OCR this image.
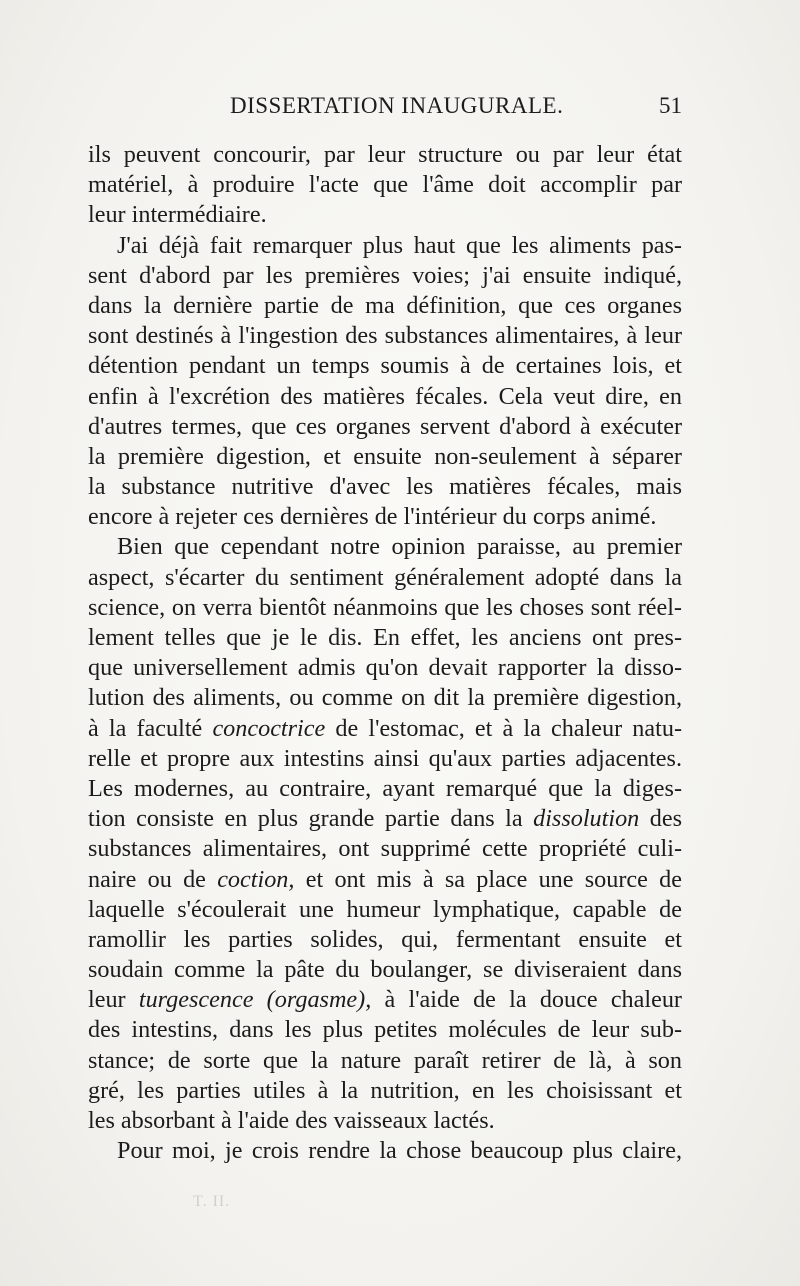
DISSERTATION INAUGURALE.	51
ils peuvent concourir, par leur structure ou par leur état
matériel, à produire l'acte que l'âme doit accomplir par
leur intermédiaire.
J'ai déjà fait remarquer plus haut que les aliments pas-
sent d'abord par les premières voies; j'ai ensuite indiqué,
dans la dernière partie de ma définition, que ces organes
sont destinés à l'ingestion des substances alimentaires, à leur
détention pendant un temps soumis à de certaines lois, et
enfin à l'excrétion des matières fécales. Cela veut dire, en
d'autres termes, que ces organes servent d'abord à exécuter
la première digestion, et ensuite non-seulement à séparer
la substance nutritive d'avec les matières fécales, mais
encore à rejeter ces dernières de l'intérieur du corps animé.
Bien que cependant notre opinion paraisse, au premier
aspect, s'écarter du sentiment généralement adopté dans la
science, on verra bientôt néanmoins que les choses sont réel-
lement telles que je le dis. En effet, les anciens ont pres-
que universellement admis qu'on devait rapporter la disso-
lution des aliments, ou comme on dit la première digestion,
à la faculté concoctrice de l'estomac, et à la chaleur natu-
relle et propre aux intestins ainsi qu'aux parties adjacentes.
Les modernes, au contraire, ayant remarqué que la diges-
tion consiste en plus grande partie dans la dissolution des
substances alimentaires, ont supprimé cette propriété culi-
naire ou de coction, et ont mis à sa place une source de
laquelle s'écoulerait une humeur lymphatique, capable de
ramollir les parties solides, qui, fermentant ensuite et
soudain comme la pâte du boulanger, se diviseraient dans
leur turgescence (orgasme), à l'aide de la douce chaleur
des intestins, dans les plus petites molécules de leur sub-
stance; de sorte que la nature paraît retirer de là, à son
gré, les parties utiles à la nutrition, en les choisissant et
les absorbant à l'aide des vaisseaux lactés.
Pour moi, je crois rendre la chose beaucoup plus claire,
T. II.
